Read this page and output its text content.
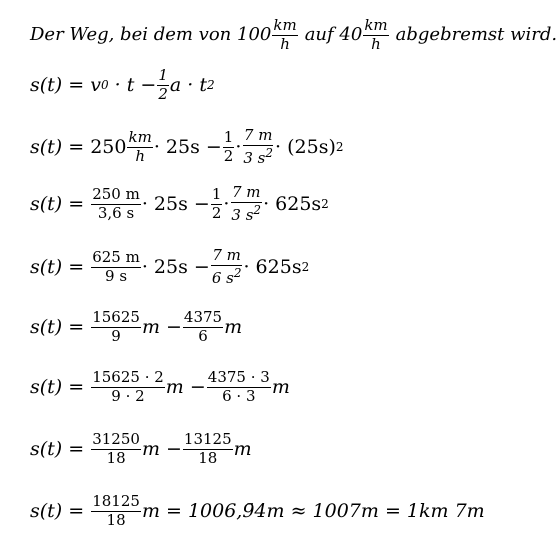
Der Weg, bei dem von $100 \frac{km}{h}$ auf $40 \frac{km}{h}$ abgebremst wird.
s(t) =
v 0
· $t - \frac{1}{2}$ a · t 2
s(t) =
$250 \frac{km}{h} \cdot 25s - \frac{1}{2}$ ·
7 m
3 $s^2 \cdot (25s)$ 2
s(t) =
$\frac{250 m}{3,6 s} \cdot 25s - \frac{1}{2}$ ·
7 m
3 $s^2 \cdot 625s$ 2
s(t) =
$\frac{625 m}{9 s} \cdot 25s - \frac{7 m}{6 s^2} \cdot 625s$ 2
s(t) =
$\frac{15625}{9}$ $m - \frac{4375}{6}$ m
s(t) =
$\frac{15625 \cdot 2}{9 \cdot 2}$ $m - \frac{4375 \cdot 3}{6 \cdot 3}$ m
s(t) =
$\frac{31250}{18}$ $m - \frac{13125}{18}$ m
s(t) =
$\frac{18125}{18}$ m = 1006,9̄4m ≈ 1007m = 1km 7m
